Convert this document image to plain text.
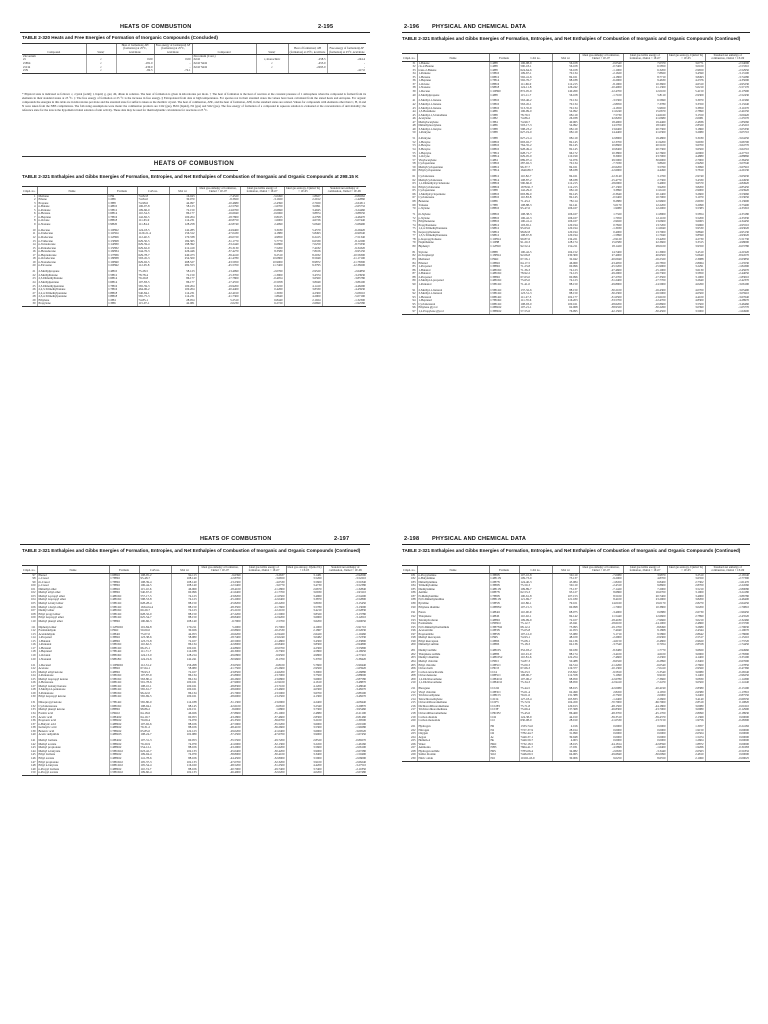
HEATS OF COMBUSTION	2-195
TABLE 2-320 Heats and Free Energies of Formation of Inorganic Compounds (Concluded)
Compound	State†	Heat of formation‡ ΔH (formation) at 25°C, kcal/mole	Free energy of formation§ ΔF (formation) at 25°C, kcal/mole	Compound	State†	Heat of formation‡ ΔH (formation) at 25°C, kcal/mole	Free energy of formation§ ΔF (formation) at 25°C, kcal/mole
Zirconium				Zirconium (Cont.)			
Zr	c	0.00	0.00	ZrO2	c, monoclinic	-258.5	-244.4
ZrBr4	c	-181.0	-	ZrO2·SiO2	c	-453.0	-
ZrCl4	c	-230.0	-	ZrO2·SiO2	c	-2295.0	-
ZrN	c	-82.5	-72.1				-417.0
* Physical state is indicated as follows: c, crystal (solid); l, liquid; g, gas; dil, dilute in solution. The heat of formation is given in kilocalories per mole. † The heat of formation is the heat of reaction at the constant pressure of 1 atmosphere when the compound is formed from its elements in their standard states at 25 °C. ‡ The free energy of formation at 25 °C is the increase in free energy. § Extrapolated from data at high temperatures. For species not in their standard states the values have been calculated from the stated heats and entropies. For organic compounds the energies in this table are in kilocalories per mole and the standard state for sulfur is taken as the rhombic crystal. The heat of combustion, ΔHc, and the heat of formation, ΔHf, in the standard states are related. Values for compounds with elements other than C, H, O and N were taken from the NBS compilations. The following assumptions were made: the combustion products are CO2 (gas), H2O (liquid), N2 (gas) and SO2 (gas). The free energy of formation of a compound in aqueous solution is evaluated at the concentration of unit molality; the reference state for the ions is the hypothetical ideal solution of unit activity. These data may be used for thermodynamic calculations for reactions at 25 °C.
HEATS OF COMBUSTION
TABLE 2-321 Enthalpies and Gibbs Energies of Formation, Entropies, and Net Enthalpies of Combustion of Inorganic and Organic Compounds at 298.15 K
Cmpd. no.	Name	Formula	CAS no.	Mol wt	Ideal gas enthalpy of formation, J/kmol × 1E-07	Ideal gas Gibbs energy of formation, J/kmol × 1E-07	Ideal gas entropy, J/(kmol·K) × 1E-05	Standard net enthalpy of combustion, J/kmol × 1E-09
1	Methane	CH4	74-82-8	16.043	-7.4520	-5.0490	1.8627	-0.80262
2	Ethane	C2H6	74-84-0	30.070	-8.3820	-3.1920	2.2912	-1.42860
3	Propane	C3H8	74-98-6	44.097	-10.4680	-2.4390	2.7020	-2.04311
4	n-Butane	C4H10	106-97-8	58.123	-12.5790	-1.6700	3.0991	-2.65732
5	n-Pentane	C5H12	109-66-0	72.150	-14.6760	-0.6690	3.4945	-3.24460
6	n-Hexane	C6H14	110-54-3	86.177	-16.6940	-0.0060	3.8874	-3.88550
7	n-Heptane	C7H16	142-82-5	100.204	-18.7800	0.8165	4.2798	-4.46470
8	n-Octane	C8H18	111-65-9	114.231	-20.8750	1.6000	4.6726	-5.07440
9	n-Nonane	C9H20	111-84-2	128.258	-22.8740	2.4990	5.0640	-5.68490

10	n-Decane	C10H22	124-18-5	142.285	-24.9460	3.3180	5.4570	-6.29420
11	n-Undecane	C11H24	1120-21-4	156.312	-27.0430	4.1880	5.8493	-6.90540
12	n-Dodecane	C12H26	112-40-3	170.338	-29.0720	4.9850	6.2415	-7.51340
13	n-Tridecane	C13H28	629-50-5	184.365	-31.1770	5.7770	6.6339	-8.12290
14	n-Tetradecane	C14H30	629-59-4	198.392	-33.2440	6.6860	7.0259	-8.73330
15	n-Pentadecane	C15H32	629-62-9	212.419	-35.3130	7.5200	7.4182	-9.34320
16	n-Hexadecane	C16H34	544-76-3	226.446	-37.4270	8.3580	7.8106	-9.95150
17	n-Heptadecane	C17H36	629-78-7	240.473	-39.4410	9.2510	8.2032	-10.56300
18	n-Octadecane	C18H38	593-45-3	254.500	-41.4780	10.0800	8.5949	-11.17100
19	n-Nonadecane	C19H40	629-92-5	268.527	-43.5950	10.9000	8.9872	-11.78300
20	n-Eicosane	C20H42	112-95-8	282.553	-45.5700	11.7400	9.3795	-12.38200

21	2-Methylpropane	C4H10	75-28-5	58.123	-13.4990	-2.0760	2.9520	-2.64850
22	2-Methylbutane	C5H12	78-78-4	72.150	-15.3700	-1.3900	3.4374	-3.23930
23	2,3-Dimethylbutane	C6H14	79-29-8	86.177	-17.7800	-0.4054	3.6560	-3.85780
24	2-Methylpentane	C6H14	107-83-5	86.177	-17.4550	-0.5058	3.8049	-3.86100
25	2,3-Dimethylpentane	C7H16	565-59-3	100.204	-19.9200	0.3220	4.1410	-4.46290
26	2,2,3-Trimethylbutane	C7H16	464-06-2	100.204	-20.4400	0.4260	3.8330	-4.45930
27	2,2,4-Trimethylpentane	C8H18	540-84-1	114.231	-22.4010	1.3930	4.2300	-5.06510
28	2,3,4-Trimethylpentane	C8H18	565-75-3	114.231	-21.7300	1.8640	4.2900	-5.07190
29	Ethylene	C2H4	74-85-1	28.054	5.2510	6.8440	2.1924	-1.32300
30	Propylene	C3H6	115-07-1	42.081	2.0230	6.2720	2.6690	-1.92580
2-196 PHYSICAL AND CHEMICAL DATA
TABLE 2-321 Enthalpies and Gibbs Energies of Formation, Entropies, and Net Enthalpies of Combustion of Inorganic and Organic Compounds (Continued)
Cmpd. no.	Name	Formula	CAS no.	Mol wt	Ideal gas enthalpy of formation, J/kmol × 1E-07	Ideal gas Gibbs energy of formation, J/kmol × 1E-07	Ideal gas entropy, J/(kmol·K) × 1E-05	Standard net enthalpy of combustion, J/kmol × 1E-09
31	1-Butene	C4H8	106-98-9	56.108	-0.0540	7.0370	3.0771	-2.54090
32	cis-2-Butene	C4H8	590-18-1	56.108	-0.7400	6.5850	3.0100	-2.53310
33	trans-2-Butene	C4H8	624-64-6	56.108	-1.1000	6.3200	2.9650	-2.52950
34	1-Pentene	C5H10	109-67-1	70.134	-2.1620	7.8820	3.4590	-3.13100
35	1-Hexene	C6H12	592-41-6	84.161	-4.1800	8.7710	3.8493	-3.74280
36	1-Heptene	C7H14	592-76-7	98.188	-6.2900	9.4630	4.2376	-4.35090
37	1-Octene	C8H16	111-66-0	112.215	-8.1900	10.3600	4.6310	-4.95230
38	1-Nonene	C9H18	124-11-8	126.242	-10.4000	11.1300	5.0210	-5.57170
39	1-Decene	C10H20	872-05-9	140.269	-12.4700	12.0100	5.4150	-6.17990
40	2-Methylpropene	C4H8	115-11-7	56.108	-1.7100	5.8110	2.9309	-2.52430

41	2-Methyl-1-butene	C5H10	563-46-2	70.134	-3.5300	6.5690	3.3970	-3.11960
42	3-Methyl-1-butene	C5H10	563-45-1	70.134	-2.8950	7.3780	3.3350	-3.13240
43	2-Methyl-2-butene	C5H10	513-35-9	70.134	-4.1650	5.9650	3.3850	-3.11670
44	1,3-Butadiene	C4H6	106-99-0	54.092	11.0240	15.0670	2.7890	-2.41050
45	2-Methyl-1,3-butadiene	C5H8	78-79-5	68.119	7.5730	14.6160	3.1550	-3.00420
46	Acetylene	C2H2	74-86-2	26.038	22.8200	21.0680	2.0081	-1.25570
47	Methylacetylene	C3H4	74-99-7	40.065	18.4900	19.4460	2.4836	-1.85060
48	Dimethylacetylene	C4H6	503-17-3	54.092	14.5700	18.5400	2.8320	-2.45210
49	3-Methyl-1-butyne	C5H8	598-23-2	68.119	13.6400	20.7300	3.1860	-3.05330
50	1-Pentyne	C5H8	627-19-0	68.119	14.4400	21.0300	3.2980	-3.05710

51	2-Pentyne	C5H8	627-21-4	68.119	12.8900	19.4800	3.3180	-3.04250
52	1-Hexyne	C6H10	693-02-7	82.145	12.3700	21.9200	3.6930	-3.66700
53	2-Hexyne	C6H10	764-35-2	82.145	10.8600	20.5100	3.6700	-3.64770
54	3-Hexyne	C6H10	928-49-4	82.145	10.8400	20.7300	3.6500	-3.64710
55	1-Heptyne	C7H12	628-71-7	96.172	10.3800	22.7600	4.0900	-4.27710
56	1-Octyne	C8H14	629-05-0	110.199	8.3000	23.7000	4.4880	-4.88860
57	Vinylacetylene	C4H4	689-97-4	52.076	29.5000	30.6000	2.7900	-2.36450
58	Cyclopentane	C5H10	287-92-3	70.134	-7.7030	3.8620	2.9290	-3.07040
59	Methylcyclopentane	C6H12	96-37-7	84.161	-10.6200	3.5760	3.3990	-3.67910
60	Ethylcyclopentane	C7H14	1640-89-7	98.188	-12.6900	4.4490	3.7810	-4.29130

61	Cyclohexane	C6H12	110-82-7	84.161	-12.3140	3.1760	2.9740	-3.65630
62	Methylcyclohexane	C7H14	108-87-2	98.188	-15.4770	2.7300	3.4330	-4.24930
63	1,1-Dimethylcyclohexane	C8H16	590-66-9	112.215	-18.0900	3.4900	3.6570	-4.84920
64	Ethylcyclohexane	C8H16	1678-91-7	112.215	-17.1300	3.9200	3.8200	-4.85450
65	Cyclopentene	C5H8	142-29-0	68.119	3.3890	11.0410	2.9000	-2.93920
66	1-Methylcyclopentene	C6H10	693-89-0	82.145	-0.3640	10.1400	3.2600	-3.53660
67	Cyclohexene	C6H10	110-83-8	82.145	-0.5400	10.7000	3.1070	-3.53050
68	Benzene	C6H6	71-43-2	78.114	8.2880	12.9600	2.6930	-3.13600
69	Toluene	C7H8	108-88-3	92.141	5.0170	12.2200	3.2099	-3.73400
70	o-Xylene	C8H10	95-47-6	106.167	1.9080	12.2000	3.5383	-4.33310

71	m-Xylene	C8H10	108-38-3	106.167	1.7320	11.8900	3.5854	-4.33180
72	p-Xylene	C8H10	106-42-3	106.167	1.7950	12.1100	3.5209	-4.33330
73	Ethylbenzene	C8H10	100-41-4	106.167	2.9920	13.0600	3.6063	-4.34450
74	Propylbenzene	C9H12	103-65-1	120.194	0.7820	13.7200	3.9960	-4.95510
75	1,2,4-Trimethylbenzene	C9H12	95-63-6	120.194	-1.3930	11.6940	3.9530	-4.93020
76	Isopropylbenzene	C9H12	98-82-8	120.194	0.4000	13.7900	3.8840	-4.95130
77	1,3,5-Trimethylbenzene	C9H12	108-67-8	120.194	-1.5890	11.7940	3.8590	-4.93020
78	p-Isopropyltoluene	C10H14	99-87-6	134.221	-2.9120	13.4200	4.2730	-5.51730
79	Naphthalene	C10H8	91-20-3	128.174	15.0580	22.3600	3.3315	-4.98090
80	Biphenyl	C12H10	92-52-4	154.211	18.1420	28.0100	3.9350	-6.03780

81	Styrene	C8H8	100-42-5	104.152	14.7400	21.3900	3.4510	-4.21920
82	m-Terphenyl	C18H14	92-06-8	230.309	27.4000	40.6500	5.0640	-8.94570
83	Methanol	CH4O	67-56-1	32.042	-20.0940	-16.2320	2.3988	-0.63850
84	Ethanol	C2H6O	64-17-5	46.069	-23.4950	-16.7850	2.8064	-1.23530
85	1-Propanol	C3H8O	71-23-8	60.096	-25.5200	-15.9900	3.2291	-1.84390
86	1-Butanol	C4H10O	71-36-3	74.123	-27.4600	-15.1000	3.6130	-2.45670
87	2-Butanol	C4H10O	78-92-2	74.123	-29.2900	-16.7300	3.5850	-2.44050
88	2-Propanol	C3H8O	67-63-0	60.096	-27.2700	-17.3500	3.1000	-1.83010
89	2-Methyl-2-propanol	C4H10O	75-65-0	74.123	-31.2400	-17.7700	3.2640	-2.42370
90	1-Pentanol	C5H12O	71-41-0	88.150	-29.8900	-14.5900	4.0260	-3.06190

91	2-Methyl-1-butanol	C5H12O	137-32-6	88.150	-30.2100	-16.4300	4.0700	-3.05490
92	3-Methyl-1-butanol	C5H12O	123-51-3	88.150	-30.2300	-16.5000	4.0500	-3.05910
93	1-Hexanol	C6H14O	111-27-3	102.177	-31.6500	-13.6100	4.4100	-3.67640
94	1-Heptanol	C7H16O	111-70-6	116.203	-33.5700	-12.4700	4.8300	-4.28970
95	Cyclohexanol	C6H12O	108-93-0	100.161	-28.6200	-10.8600	3.5500	-3.46460
96	Ethylene glycol	C2H6O2	107-21-1	62.068	-38.9320	-30.2260	3.0390	-1.05770
97	1,2-Propylene glycol	C3H8O2	57-55-6	76.095	-42.1500	-30.4500	3.5000	-1.64900
HEATS OF COMBUSTION	2-197
TABLE 2-321 Enthalpies and Gibbs Energies of Formation, Entropies, and Net Enthalpies of Combustion of Inorganic and Organic Compounds (Continued)
Cmpd. no.	Name	Formula	CAS no.	Mol wt	Ideal gas enthalpy of formation, J/kmol × 1E-07	Ideal gas Gibbs energy of formation, J/kmol × 1E-07	Ideal gas entropy, J/(kmol·K) × 1E-05	Standard net enthalpy of combustion, J/kmol × 1E-09
97	Phenol	C6H6O	108-95-2	94.113	-9.6399	-3.2637	3.1481	-2.92090
98	o-Cresol	C7H8O	95-48-7	108.140	-12.8700	-3.6650	3.5260	-3.52210
99	m-Cresol	C7H8O	108-39-4	108.140	-13.2300	-4.0530	3.5600	-3.51840
100	p-Cresol	C7H8O	106-44-5	108.140	-12.5400	-3.0770	3.4730	-3.52380
101	Dimethyl ether	C2H6O	115-10-6	46.069	-18.4100	-11.2800	2.6670	-1.32840
102	Methyl ethyl ether	C3H8O	540-67-0	60.096	-21.6400	-11.7700	3.0930	-1.93110
103	Methyl n-propyl ether	C4H10O	557-17-5	74.123	-23.8200	-11.0500	3.4960	-2.54200
104	Methyl isopropyl ether	C4H10O	598-53-8	74.123	-25.2000	-12.0400	3.3870	-2.52800
105	Methyl n-butyl ether	C5H12O	628-28-4	88.150	-25.8200	-10.2200	3.8930	-3.15450
106	Methyl t-butyl ether	C5H12O	1634-04-4	88.150	-28.3500	-11.7600	3.5780	-3.13090
107	Diethyl ether	C4H10O	60-29-7	74.123	-25.2100	-12.2100	3.4210	-2.52830
108	Ethyl propyl ether	C5H12O	628-32-0	88.150	-27.2200	-11.5000	3.8320	-3.13780
109	Ethyl isopropyl ether	C5H12O	625-54-7	88.150	-28.8400	-12.9200	3.6900	-3.12010
110	Methyl phenyl ether	C7H8O	100-66-3	108.140	-6.7900	2.5700	3.6200	-3.60050

111	Diphenyl ether	C12H10O	101-84-8	170.211	5.2000	15.7000	4.1000	-5.91710
112	Formaldehyde	CH2O	50-00-0	30.026	-10.8600	-10.2530	2.1867	-0.52630
113	Acetaldehyde	C2H4O	75-07-0	44.053	-16.6200	-12.9420	2.6420	-1.10460
114	1-Propanal	C3H6O	123-38-6	58.080	-18.7400	-13.0240	3.0482	-1.72330
115	1-Butanal	C4H8O	123-72-8	72.107	-20.5000	-11.4800	3.4300	-2.33890
116	1-Pentanal	C5H10O	110-62-3	86.134	-22.8000	-10.8400	3.8300	-2.94890
117	1-Hexanal	C6H12O	66-25-1	100.161	-24.8600	-10.0700	4.2300	-3.55890
118	1-Heptanal	C7H14O	111-71-7	114.188	-26.3000	-9.7300	4.5800	-4.16950
119	1-Octanal	C8H16O	124-13-0	128.214	-29.0800	-9.9500	4.9800	-4.77410
120	1-Nonanal	C9H18O	124-19-6	142.241	-30.9600	-8.1700	5.3700	-5.38420

121	1-Decanal	C10H20O	112-31-2	156.268	-33.0500	-6.8100	5.7600	-5.99440
122	Acetone	C3H6O	67-64-1	58.080	-21.7500	-15.2600	2.9500	-1.65920
123	Methyl ethyl ketone	C4H8O	78-93-3	72.107	-23.8500	-14.6200	3.3900	-2.26880
124	2-Pentanone	C5H10O	107-87-9	86.134	-25.8900	-13.7000	3.7500	-2.88000
125	Methyl isopropyl ketone	C5H10O	563-80-4	86.134	-26.2600	-13.6800	3.6900	-2.87580
126	2-Hexanone	C6H12O	591-78-6	100.161	-27.9900	-12.9100	4.1610	-3.48870
127	Methyl isobutyl ketone	C6H12O	108-10-1	100.161	-28.8300	-13.7100	4.1200	-3.48040
128	3-Methyl-2-pentanone	C6H12O	565-61-7	100.161	-28.6000	-13.4600	4.0300	-3.48270
129	3-Pentanone	C5H10O	96-22-0	86.134	-25.7900	-13.5000	3.6700	-2.88100
130	Ethyl isopropyl ketone	C6H12O	565-69-5	100.161	-28.6000	-13.2500	4.1300	-3.48270

131	Diisopropyl ketone	C7H14O	565-80-0	114.188	-31.1300	-13.0900	4.2400	-4.08440
132	Cyclohexanone	C6H10O	108-94-1	98.145	-22.6100	-9.0810	3.2340	-3.29870
133	Methyl phenyl ketone	C8H8O	98-86-2	120.151	-8.6900	1.6800	3.7300	-3.95460
134	Formic acid	CH2O2	64-18-6	46.026	-37.8600	-35.1000	2.4880	-0.21100
135	Acetic acid	C2H4O2	64-19-7	60.053	-43.2800	-37.4600	2.8300	-0.81460
136	Propionic acid	C3H6O2	79-09-4	74.079	-45.3500	-36.6700	3.2100	-1.39500
137	n-Butyric acid	C4H8O2	107-92-6	88.106	-47.5900	-35.5200	3.6000	-2.00100
138	Isobutyric acid	C4H8O2	79-31-2	88.106	-48.4100	-36.2600	3.5300	-1.99280
139	Benzoic acid	C7H6O2	65-85-0	122.123	-29.0200	-21.0400	3.6900	-3.09520
140	Acetic anhydride	C4H6O3	108-24-7	102.089	-57.2500	-47.6700	3.9000	-1.67450

141	Methyl formate	C2H4O2	107-31-3	60.053	-35.5500	-29.7200	2.8520	-0.89270
142	Methyl acetate	C3H6O2	79-20-9	74.079	-41.0000	-32.1300	3.2450	-1.46160
143	Methyl propionate	C4H8O2	554-12-1	88.106	-43.2900	-31.6200	3.5600	-2.06100
144	Methyl n-butyrate	C5H10O2	623-42-7	102.133	-45.0400	-30.4200	3.9000	-2.67280
145	Ethyl formate	C3H6O2	109-94-4	74.079	-38.8000	-30.4100	3.3400	-1.50490
146	Ethyl acetate	C4H8O2	141-78-6	88.106	-44.4500	-32.8000	3.5900	-2.06090
147	Ethyl propionate	C5H10O2	105-37-3	102.133	-47.0700	-32.3200	3.9100	-2.66240
148	Ethyl n-butyrate	C6H12O2	105-54-4	116.160	-48.5200	-31.2500	4.4200	-3.27510
149	n-Propyl formate	C4H8O2	110-74-7	88.106	-40.7000	-29.7400	3.7400	-2.11850
150	n-Propyl acetate	C5H10O2	109-60-4	102.133	-46.4900	-32.0200	4.0200	-2.67480
2-198 PHYSICAL AND CHEMICAL DATA
TABLE 2-321 Enthalpies and Gibbs Energies of Formation, Entropies, and Net Enthalpies of Combustion of Inorganic and Organic Compounds (Continued)
Cmpd. no.	Name	Formula	CAS no.	Mol wt	Ideal gas enthalpy of formation, J/kmol × 1E-07	Ideal gas Gibbs energy of formation, J/kmol × 1E-07	Ideal gas entropy, J/(kmol·K) × 1E-05	Standard net enthalpy of combustion, J/kmol × 1E-09
181	n-Propylamine	C3H9N	107-10-8	59.110	-7.0080	3.9870	3.2510	-2.16540
182	n-Butylamine	C4H11N	109-73-9	73.137	-9.2000	4.8700	3.6350	-2.77390
183	Dimethylamine	C2H7N	124-40-3	45.084	-1.8450	6.8400	2.7302	-1.61470
184	Trimethylamine	C3H9N	75-50-3	59.110	-2.4310	9.8600	2.8700	-2.24560
185	Diethylamine	C4H11N	109-89-7	73.137	-7.1420	7.2000	3.5210	-2.80080
186	Aniline	C6H7N	62-53-3	93.127	8.6860	16.6700	3.1900	-3.24180
187	N-Methylaniline	C7H9N	100-61-8	107.153	8.5100	20.7400	3.4900	-3.86780
188	N,N-Dimethylaniline	C8H11N	121-69-7	121.180	8.4100	23.2900	3.8200	-4.46400
189	Pyridine	C5H5N	110-86-1	79.101	14.0160	19.0170	2.8270	-2.64250
190	Ethylene diamine	C2H8N2	107-15-3	60.098	-1.7000	10.3800	3.0200	-1.70810

191	Furan	C4H4O	110-00-9	68.075	-3.4900	0.0880	2.6730	-1.99450
192	Thiophene	C4H4S	110-02-1	84.142	11.5440	12.6600	2.7890	-2.43520
193	Tetrahydrofuran	C4H8O	109-99-9	72.107	-18.4180	-7.9660	3.0210	-2.32460
194	Formamide	CH3NO	75-12-7	45.041	-18.6100	-14.1000	2.4860	-0.53700
195	N,N-Dimethylformamide	C3H7NO	68-12-2	73.095	-19.1700	-8.8490	3.2680	-1.79630
196	Acetonitrile	C2H3N	75-05-8	41.053	7.4040	9.1868	2.4344	-1.19070
197	Propionitrile	C3H5N	107-12-0	55.080	5.1710	9.5860	2.8642	-1.78690
198	Methyl mercaptan	CH4S	74-93-1	48.109	-2.2900	-0.9300	2.5517	-1.15210
199	Ethyl mercaptan	C2H6S	75-08-1	62.136	-4.6150	-0.4800	2.9620	-1.73720
200	Dimethyl sulfide	C2H6S	75-18-3	62.136	-3.7540	0.7054	2.8558	-1.74450

201	Diethyl sulfide	C4H10S	352-93-2	90.189	-8.3480	1.7770	3.6820	-2.94960
202	Thiophene sulfide	C4H8S	110-01-0	88.174	-3.4100	4.6100	3.0900	-2.78390
203	Diethyl disulfide	C4H10S2	110-81-6	122.254	-7.4600	2.2300	4.1400	-3.33190
204	Methyl chloride	CH3Cl	74-87-3	50.488	-8.6320	-6.2890	2.3400	-0.67690
205	Ethyl chloride	C2H5Cl	75-00-3	64.514	-11.2260	-6.0540	2.7600	-1.27850
206	Chloroform	CHCl3	67-66-3	119.377	-10.1300	-7.0410	2.9560	-0.47360
207	Carbon tetrachloride	CCl4	56-23-5	153.822	-9.5810	-5.3540	3.0980	-0.26540
208	Chlorobenzene	C6H5Cl	108-90-7	112.558	5.1090	9.9160	3.1400	-2.96250
209	1,2-Dichloroethane	C2H4Cl2	107-06-2	98.959	-12.6780	-7.3660	3.0830	-1.14390
210	1,1-Dichloroethane	C2H4Cl2	75-34-3	98.959	-12.9410	-7.2470	3.0500	-1.14140

211	Phosgene	CCl2O	75-44-5	98.915	-22.0080	-20.4190	2.8380	-0.13190
212	Vinyl chloride	C2H3Cl	75-01-4	62.499	2.8450	4.1950	2.6380	-1.17810
213	Trichloroethylene	C2HCl3	79-01-6	131.388	-0.7500	2.0000	3.2400	-0.87550
214	Tetrachloroethylene	C2Cl4	127-18-4	165.833	-1.2400	2.2600	3.4140	-0.69550
215	Chlorotrifluoromethane	CClF3	75-72-9	104.459	-70.7900	-66.7900	2.8519	0.10820
216	Dichlorodifluoromethane	CCl2F2	75-71-8	120.913	-48.1500	-44.1800	3.0080	-0.01610
217	Trichlorofluoromethane	CCl3F	75-69-4	137.368	-26.8300	-23.7000	3.0980	-0.12990
218	Chlorodifluoromethane	CHClF2	75-45-6	86.469	-48.3700	-45.1700	2.8090	-0.18930
219	Carbon dioxide	CO2	124-38-9	44.010	-39.3510	-39.4370	2.1369	0.00000
220	Carbon monoxide	CO	630-08-0	28.010	-11.0530	-13.7150	1.9756	-0.28300

221	Hydrogen	H2	1333-74-0	2.016	0.0000	0.0000	1.3057	-0.24182
222	Nitrogen	N2	7727-37-9	28.014	0.0000	0.0000	1.9150	0.00000
223	Oxygen	O2	7782-44-7	31.999	0.0000	0.0000	2.0504	0.00000
224	Argon	Ar	7440-37-1	39.948	0.0000	0.0000	1.5474	0.00000
225	Helium-4	He	7440-59-7	4.003	0.0000	0.0000	1.2604	0.00000
226	Water	H2O	7732-18-5	18.015	-24.1814	-22.8590	1.8872	0.00000
227	Ammonia	NH3	7664-41-7	17.031	-4.5898	-1.6400	1.9266	-0.31683
228	Hydrogen sulfide	H2S	7783-06-4	34.082	-2.0630	-3.3440	2.0563	-0.51832
229	Sulfur dioxide	SO2	7446-09-5	64.065	-29.6840	-30.0090	2.4810	0.00000
230	Nitric oxide	NO	10102-43-9	30.006	9.0250	8.6550	2.1060	-0.09025
